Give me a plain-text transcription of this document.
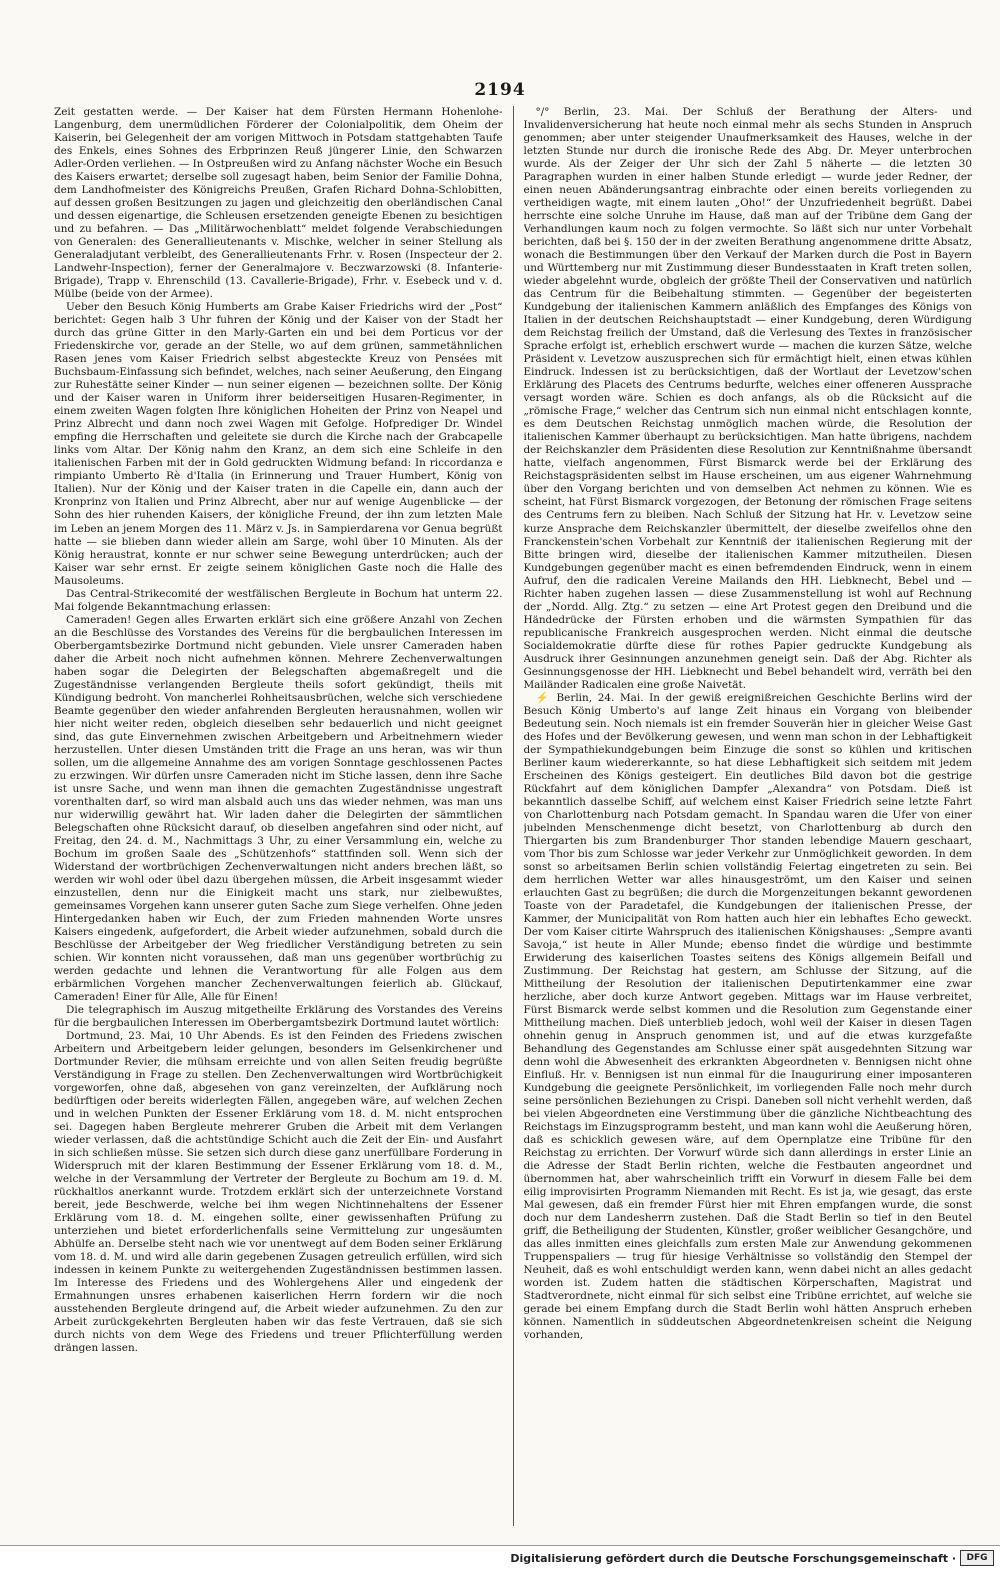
2194

Zeit gestatten werde. — Der Kaiser hat dem Fürsten Hermann Hohenlohe-Langenburg, dem unermüdlichen Förderer der Colonialpolitik, dem Oheim der Kaiserin, bei Gelegenheit der am vorigen Mittwoch in Potsdam stattgehabten Taufe des Enkels, eines Sohnes des Erbprinzen Reuß jüngerer Linie, den Schwarzen Adler-Orden verliehen. — In Ostpreußen wird zu Anfang nächster Woche ein Besuch des Kaisers erwartet; derselbe soll zugesagt haben, beim Senior der Familie Dohna, dem Landhofmeister des Königreichs Preußen, Grafen Richard Dohna-Schlobitten, auf dessen großen Besitzungen zu jagen und gleichzeitig den oberländischen Canal und dessen eigenartige, die Schleusen ersetzenden geneigte Ebenen zu besichtigen und zu befahren. — Das „Militärwochenblatt“ meldet folgende Verabschiedungen von Generalen: des Generallieutenants v. Mischke, welcher in seiner Stellung als Generaladjutant verbleibt, des Generallieutenants Frhr. v. Rosen (Inspecteur der 2. Landwehr-Inspection), ferner der Generalmajore v. Beczwarzowski (8. Infanterie-Brigade), Trapp v. Ehrenschild (13. Cavallerie-Brigade), Frhr. v. Esebeck und v. d. Mülbe (beide von der Armee).

Ueber den Besuch König Humberts am Grabe Kaiser Friedrichs wird der „Post“ berichtet: Gegen halb 3 Uhr fuhren der König und der Kaiser von der Stadt her durch das grüne Gitter in den Marly-Garten ein und bei dem Porticus vor der Friedenskirche vor, gerade an der Stelle, wo auf dem grünen, sammetähnlichen Rasen jenes vom Kaiser Friedrich selbst abgesteckte Kreuz von Pensées mit Buchsbaum-Einfassung sich befindet, welches, nach seiner Aeußerung, den Eingang zur Ruhestätte seiner Kinder — nun seiner eigenen — bezeichnen sollte. Der König und der Kaiser waren in Uniform ihrer beiderseitigen Husaren-Regimenter, in einem zweiten Wagen folgten Ihre königlichen Hoheiten der Prinz von Neapel und Prinz Albrecht und dann noch zwei Wagen mit Gefolge. Hofprediger Dr. Windel empfing die Herrschaften und geleitete sie durch die Kirche nach der Grabcapelle links vom Altar. Der König nahm den Kranz, an dem sich eine Schleife in den italienischen Farben mit der in Gold gedruckten Widmung befand: In riccordanza e rimpianto Umberto Rè d'Italia (in Erinnerung und Trauer Humbert, König von Italien). Nur der König und der Kaiser traten in die Capelle ein, dann auch der Kronprinz von Italien und Prinz Albrecht, aber nur auf wenige Augenblicke — der Sohn des hier ruhenden Kaisers, der königliche Freund, der ihn zum letzten Male im Leben an jenem Morgen des 11. März v. Js. in Sampierdarena vor Genua begrüßt hatte — sie blieben dann wieder allein am Sarge, wohl über 10 Minuten. Als der König heraustrat, konnte er nur schwer seine Bewegung unterdrücken; auch der Kaiser war sehr ernst. Er zeigte seinem königlichen Gaste noch die Halle des Mausoleums.

Das Central-Strikecomité der westfälischen Bergleute in Bochum hat unterm 22. Mai folgende Bekanntmachung erlassen:

Cameraden! Gegen alles Erwarten erklärt sich eine größere Anzahl von Zechen an die Beschlüsse des Vorstandes des Vereins für die bergbaulichen Interessen im Oberbergamtsbezirke Dortmund nicht gebunden. Viele unsrer Cameraden haben daher die Arbeit noch nicht aufnehmen können. Mehrere Zechenverwaltungen haben sogar die Delegirten der Belegschaften abgemaßregelt und die Zugeständnisse verlangenden Bergleute theils sofort gekündigt, theils mit Kündigung bedroht. Von mancherlei Rohheitsausbrüchen, welche sich verschiedene Beamte gegenüber den wieder anfahrenden Bergleuten herausnahmen, wollen wir hier nicht weiter reden, obgleich dieselben sehr bedauerlich und nicht geeignet sind, das gute Einvernehmen zwischen Arbeitgebern und Arbeitnehmern wieder herzustellen. Unter diesen Umständen tritt die Frage an uns heran, was wir thun sollen, um die allgemeine Annahme des am vorigen Sonntage geschlossenen Pactes zu erzwingen. Wir dürfen unsre Cameraden nicht im Stiche lassen, denn ihre Sache ist unsre Sache, und wenn man ihnen die gemachten Zugeständnisse ungestraft vorenthalten darf, so wird man alsbald auch uns das wieder nehmen, was man uns nur widerwillig gewährt hat. Wir laden daher die Delegirten der sämmtlichen Belegschaften ohne Rücksicht darauf, ob dieselben angefahren sind oder nicht, auf Freitag, den 24. d. M., Nachmittags 3 Uhr, zu einer Versammlung ein, welche zu Bochum im großen Saale des „Schützenhofs“ stattfinden soll. Wenn sich der Widerstand der wortbrüchigen Zechenverwaltungen nicht anders brechen läßt, so werden wir wohl oder übel dazu übergehen müssen, die Arbeit insgesammt wieder einzustellen, denn nur die Einigkeit macht uns stark, nur zielbewußtes, gemeinsames Vorgehen kann unserer guten Sache zum Siege verhelfen. Ohne jeden Hintergedanken haben wir Euch, der zum Frieden mahnenden Worte unsres Kaisers eingedenk, aufgefordert, die Arbeit wieder aufzunehmen, sobald durch die Beschlüsse der Arbeitgeber der Weg friedlicher Verständigung betreten zu sein schien. Wir konnten nicht voraussehen, daß man uns gegenüber wortbrüchig zu werden gedachte und lehnen die Verantwortung für alle Folgen aus dem erbärmlichen Vorgehen mancher Zechenverwaltungen feierlich ab. Glückauf, Cameraden! Einer für Alle, Alle für Einen!

Die telegraphisch im Auszug mitgetheilte Erklärung des Vorstandes des Vereins für die bergbaulichen Interessen im Oberbergamtsbezirk Dortmund lautet wörtlich:

Dortmund, 23. Mai, 10 Uhr Abends. Es ist den Feinden des Friedens zwischen Arbeitern und Arbeitgebern leider gelungen, besonders im Gelsenkirchener und Dortmunder Revier, die mühsam erreichte und von allen Seiten freudig begrüßte Verständigung in Frage zu stellen. Den Zechenverwaltungen wird Wortbrüchigkeit vorgeworfen, ohne daß, abgesehen von ganz vereinzelten, der Aufklärung noch bedürftigen oder bereits widerlegten Fällen, angegeben wäre, auf welchen Zechen und in welchen Punkten der Essener Erklärung vom 18. d. M. nicht entsprochen sei. Dagegen haben Bergleute mehrerer Gruben die Arbeit mit dem Verlangen wieder verlassen, daß die achtstündige Schicht auch die Zeit der Ein- und Ausfahrt in sich schließen müsse. Sie setzen sich durch diese ganz unerfüllbare Forderung in Widerspruch mit der klaren Bestimmung der Essener Erklärung vom 18. d. M., welche in der Versammlung der Vertreter der Bergleute zu Bochum am 19. d. M. rückhaltlos anerkannt wurde. Trotzdem erklärt sich der unterzeichnete Vorstand bereit, jede Beschwerde, welche bei ihm wegen Nichtinnehaltens der Essener Erklärung vom 18. d. M. eingehen sollte, einer gewissenhaften Prüfung zu unterziehen und bietet erforderlichenfalls seine Vermittelung zur ungesäumten Abhülfe an. Derselbe steht nach wie vor unentwegt auf dem Boden seiner Erklärung vom 18. d. M. und wird alle darin gegebenen Zusagen getreulich erfüllen, wird sich indessen in keinem Punkte zu weitergehenden Zugeständnissen bestimmen lassen. Im Interesse des Friedens und des Wohlergehens Aller und eingedenk der Ermahnungen unsres erhabenen kaiserlichen Herrn fordern wir die noch ausstehenden Bergleute dringend auf, die Arbeit wieder aufzunehmen. Zu den zur Arbeit zurückgekehrten Bergleuten haben wir das feste Vertrauen, daß sie sich durch nichts von dem Wege des Friedens und treuer Pflichterfüllung werden drängen lassen.

°/° Berlin, 23. Mai. Der Schluß der Berathung der Alters- und Invalidenversicherung hat heute noch einmal mehr als sechs Stunden in Anspruch genommen; aber unter steigender Unaufmerksamkeit des Hauses, welche in der letzten Stunde nur durch die ironische Rede des Abg. Dr. Meyer unterbrochen wurde. Als der Zeiger der Uhr sich der Zahl 5 näherte — die letzten 30 Paragraphen wurden in einer halben Stunde erledigt — wurde jeder Redner, der einen neuen Abänderungsantrag einbrachte oder einen bereits vorliegenden zu vertheidigen wagte, mit einem lauten „Oho!“ der Unzufriedenheit begrüßt. Dabei herrschte eine solche Unruhe im Hause, daß man auf der Tribüne dem Gang der Verhandlungen kaum noch zu folgen vermochte. So läßt sich nur unter Vorbehalt berichten, daß bei §. 150 der in der zweiten Berathung angenommene dritte Absatz, wonach die Bestimmungen über den Verkauf der Marken durch die Post in Bayern und Württemberg nur mit Zustimmung dieser Bundesstaaten in Kraft treten sollen, wieder abgelehnt wurde, obgleich der größte Theil der Conservativen und natürlich das Centrum für die Beibehaltung stimmten. — Gegenüber der begeisterten Kundgebung der italienischen Kammern anläßlich des Empfanges des Königs von Italien in der deutschen Reichshauptstadt — einer Kundgebung, deren Würdigung dem Reichstag freilich der Umstand, daß die Verlesung des Textes in französischer Sprache erfolgt ist, erheblich erschwert wurde — machen die kurzen Sätze, welche Präsident v. Levetzow auszusprechen sich für ermächtigt hielt, einen etwas kühlen Eindruck. Indessen ist zu berücksichtigen, daß der Wortlaut der Levetzow'schen Erklärung des Placets des Centrums bedurfte, welches einer offeneren Aussprache versagt worden wäre. Schien es doch anfangs, als ob die Rücksicht auf die „römische Frage,“ welcher das Centrum sich nun einmal nicht entschlagen konnte, es dem Deutschen Reichstag unmöglich machen würde, die Resolution der italienischen Kammer überhaupt zu berücksichtigen. Man hatte übrigens, nachdem der Reichskanzler dem Präsidenten diese Resolution zur Kenntnißnahme übersandt hatte, vielfach angenommen, Fürst Bismarck werde bei der Erklärung des Reichstagspräsidenten selbst im Hause erscheinen, um aus eigener Wahrnehmung über den Vorgang berichten und von demselben Act nehmen zu können. Wie es scheint, hat Fürst Bismarck vorgezogen, der Betonung der römischen Frage seitens des Centrums fern zu bleiben. Nach Schluß der Sitzung hat Hr. v. Levetzow seine kurze Ansprache dem Reichskanzler übermittelt, der dieselbe zweifellos ohne den Franckenstein'schen Vorbehalt zur Kenntniß der italienischen Regierung mit der Bitte bringen wird, dieselbe der italienischen Kammer mitzutheilen. Diesen Kundgebungen gegenüber macht es einen befremdenden Eindruck, wenn in einem Aufruf, den die radicalen Vereine Mailands den HH. Liebknecht, Bebel und — Richter haben zugehen lassen — diese Zusammenstellung ist wohl auf Rechnung der „Nordd. Allg. Ztg.“ zu setzen — eine Art Protest gegen den Dreibund und die Händedrücke der Fürsten erhoben und die wärmsten Sympathien für das republicanische Frankreich ausgesprochen werden. Nicht einmal die deutsche Socialdemokratie dürfte diese für rothes Papier gedruckte Kundgebung als Ausdruck ihrer Gesinnungen anzunehmen geneigt sein. Daß der Abg. Richter als Gesinnungsgenosse der HH. Liebknecht und Bebel behandelt wird, verräth bei den Mailänder Radicalen eine große Naivetät.

⚡ Berlin, 24. Mai. In der gewiß ereignißreichen Geschichte Berlins wird der Besuch König Umberto's auf lange Zeit hinaus ein Vorgang von bleibender Bedeutung sein. Noch niemals ist ein fremder Souverän hier in gleicher Weise Gast des Hofes und der Bevölkerung gewesen, und wenn man schon in der Lebhaftigkeit der Sympathiekundgebungen beim Einzuge die sonst so kühlen und kritischen Berliner kaum wiedererkannte, so hat diese Lebhaftigkeit sich seitdem mit jedem Erscheinen des Königs gesteigert. Ein deutliches Bild davon bot die gestrige Rückfahrt auf dem königlichen Dampfer „Alexandra“ von Potsdam. Dieß ist bekanntlich dasselbe Schiff, auf welchem einst Kaiser Friedrich seine letzte Fahrt von Charlottenburg nach Potsdam gemacht. In Spandau waren die Ufer von einer jubelnden Menschenmenge dicht besetzt, von Charlottenburg ab durch den Thiergarten bis zum Brandenburger Thor standen lebendige Mauern geschaart, vom Thor bis zum Schlosse war jeder Verkehr zur Unmöglichkeit geworden. In dem sonst so arbeitsamen Berlin schien vollständig Feiertag eingetreten zu sein. Bei dem herrlichen Wetter war alles hinausgeströmt, um den Kaiser und seinen erlauchten Gast zu begrüßen; die durch die Morgenzeitungen bekannt gewordenen Toaste von der Paradetafel, die Kundgebungen der italienischen Presse, der Kammer, der Municipalität von Rom hatten auch hier ein lebhaftes Echo geweckt. Der vom Kaiser citirte Wahrspruch des italienischen Königshauses: „Sempre avanti Savoja,“ ist heute in Aller Munde; ebenso findet die würdige und bestimmte Erwiderung des kaiserlichen Toastes seitens des Königs allgemein Beifall und Zustimmung. Der Reichstag hat gestern, am Schlusse der Sitzung, auf die Mittheilung der Resolution der italienischen Deputirtenkammer eine zwar herzliche, aber doch kurze Antwort gegeben. Mittags war im Hause verbreitet, Fürst Bismarck werde selbst kommen und die Resolution zum Gegenstande einer Mittheilung machen. Dieß unterblieb jedoch, wohl weil der Kaiser in diesen Tagen ohnehin genug in Anspruch genommen ist, und auf die etwas kurzgefaßte Behandlung des Gegenstandes am Schlusse einer spät ausgedehnten Sitzung war denn wohl die Abwesenheit des erkrankten Abgeordneten v. Bennigsen nicht ohne Einfluß. Hr. v. Bennigsen ist nun einmal für die Inaugurirung einer imposanteren Kundgebung die geeignete Persönlichkeit, im vorliegenden Falle noch mehr durch seine persönlichen Beziehungen zu Crispi. Daneben soll nicht verhehlt werden, daß bei vielen Abgeordneten eine Verstimmung über die gänzliche Nichtbeachtung des Reichstags im Einzugsprogramm besteht, und man kann wohl die Aeußerung hören, daß es schicklich gewesen wäre, auf dem Opernplatze eine Tribüne für den Reichstag zu errichten. Der Vorwurf würde sich dann allerdings in erster Linie an die Adresse der Stadt Berlin richten, welche die Festbauten angeordnet und übernommen hat, aber wahrscheinlich trifft ein Vorwurf in diesem Falle bei dem eilig improvisirten Programm Niemanden mit Recht. Es ist ja, wie gesagt, das erste Mal gewesen, daß ein fremder Fürst hier mit Ehren empfangen wurde, die sonst doch nur dem Landesherrn zustehen. Daß die Stadt Berlin so tief in den Beutel griff, die Betheiligung der Studenten, Künstler, großer weiblicher Gesangchöre, und das alles inmitten eines gleichfalls zum ersten Male zur Anwendung gekommenen Truppenspaliers — trug für hiesige Verhältnisse so vollständig den Stempel der Neuheit, daß es wohl entschuldigt werden kann, wenn dabei nicht an alles gedacht worden ist. Zudem hatten die städtischen Körperschaften, Magistrat und Stadtverordnete, nicht einmal für sich selbst eine Tribüne errichtet, auf welche sie gerade bei einem Empfang durch die Stadt Berlin wohl hätten Anspruch erheben können. Namentlich in süddeutschen Abgeordnetenkreisen scheint die Neigung vorhanden,

Digitalisierung gefördert durch die Deutsche Forschungsgemeinschaft ·	DFG
